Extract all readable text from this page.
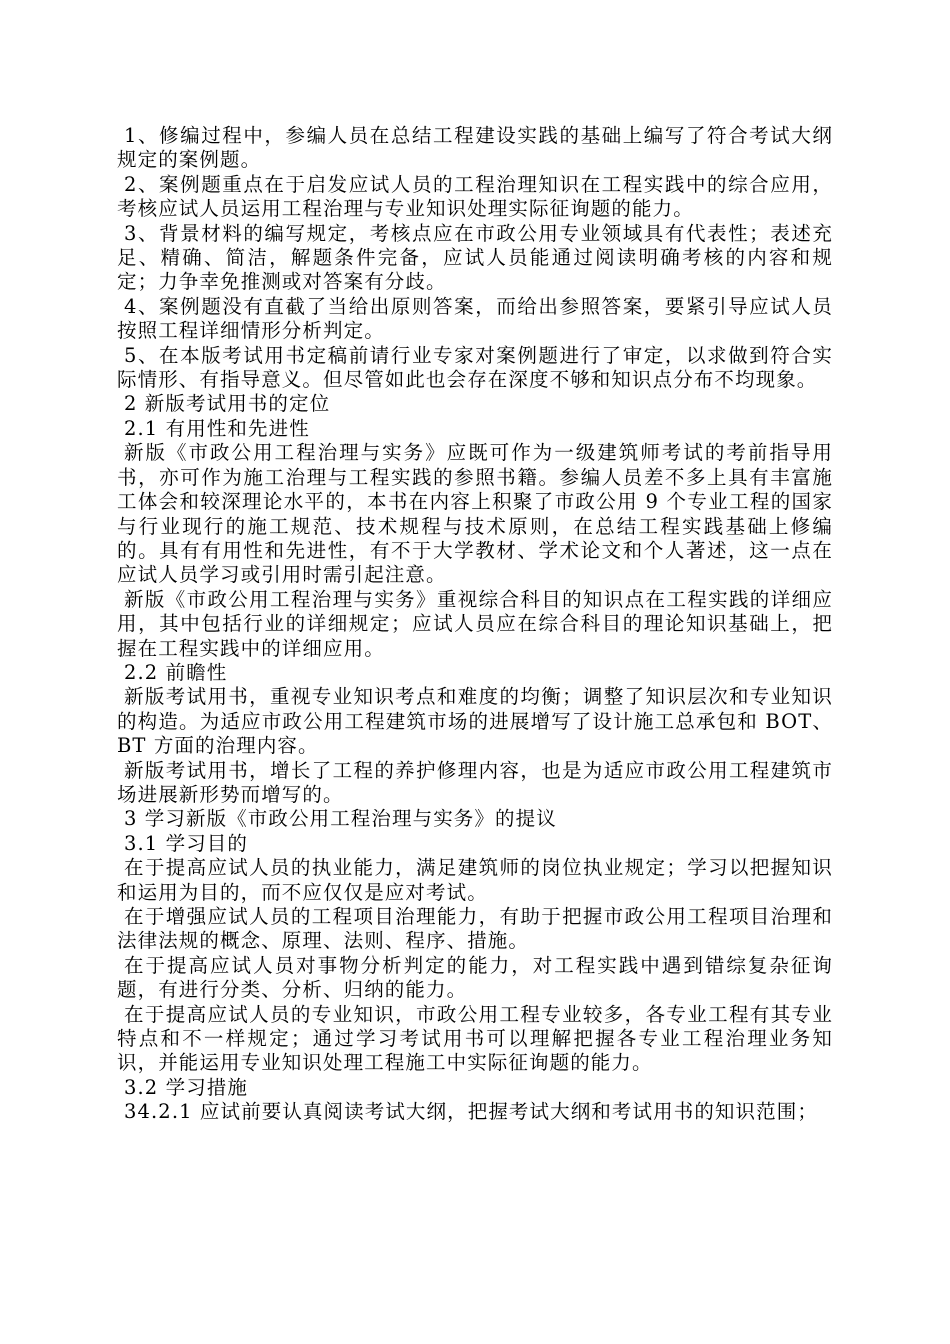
1、修编过程中，参编人员在总结工程建设实践的基础上编写了符合考试大纲规定的案例题。

2、案例题重点在于启发应试人员的工程治理知识在工程实践中的综合应用，考核应试人员运用工程治理与专业知识处理实际征询题的能力。

3、背景材料的编写规定，考核点应在市政公用专业领域具有代表性；表述充足、精确、简洁，解题条件完备，应试人员能通过阅读明确考核的内容和规定；力争幸免推测或对答案有分歧。

4、案例题没有直截了当给出原则答案，而给出参照答案，要紧引导应试人员按照工程详细情形分析判定。

5、在本版考试用书定稿前请行业专家对案例题进行了审定，以求做到符合实际情形、有指导意义。但尽管如此也会存在深度不够和知识点分布不均现象。

2 新版考试用书的定位

2.1 有用性和先进性

新版《市政公用工程治理与实务》应既可作为一级建筑师考试的考前指导用书，亦可作为施工治理与工程实践的参照书籍。参编人员差不多上具有丰富施工体会和较深理论水平的，本书在内容上积聚了市政公用 9 个专业工程的国家与行业现行的施工规范、技术规程与技术原则，在总结工程实践基础上修编的。具有有用性和先进性，有不于大学教材、学术论文和个人著述，这一点在应试人员学习或引用时需引起注意。

新版《市政公用工程治理与实务》重视综合科目的知识点在工程实践的详细应用，其中包括行业的详细规定；应试人员应在综合科目的理论知识基础上，把握在工程实践中的详细应用。

2.2 前瞻性

新版考试用书，重视专业知识考点和难度的均衡；调整了知识层次和专业知识的构造。为适应市政公用工程建筑市场的进展增写了设计施工总承包和 BOT、BT 方面的治理内容。

新版考试用书，增长了工程的养护修理内容，也是为适应市政公用工程建筑市场进展新形势而增写的。

3 学习新版《市政公用工程治理与实务》的提议

3.1 学习目的

在于提高应试人员的执业能力，满足建筑师的岗位执业规定；学习以把握知识和运用为目的，而不应仅仅是应对考试。

在于增强应试人员的工程项目治理能力，有助于把握市政公用工程项目治理和法律法规的概念、原理、法则、程序、措施。

在于提高应试人员对事物分析判定的能力，对工程实践中遇到错综复杂征询题，有进行分类、分析、归纳的能力。

在于提高应试人员的专业知识，市政公用工程专业较多，各专业工程有其专业特点和不一样规定；通过学习考试用书可以理解把握各专业工程治理业务知识，并能运用专业知识处理工程施工中实际征询题的能力。

3.2 学习措施

34.2.1 应试前要认真阅读考试大纲，把握考试大纲和考试用书的知识范围；
